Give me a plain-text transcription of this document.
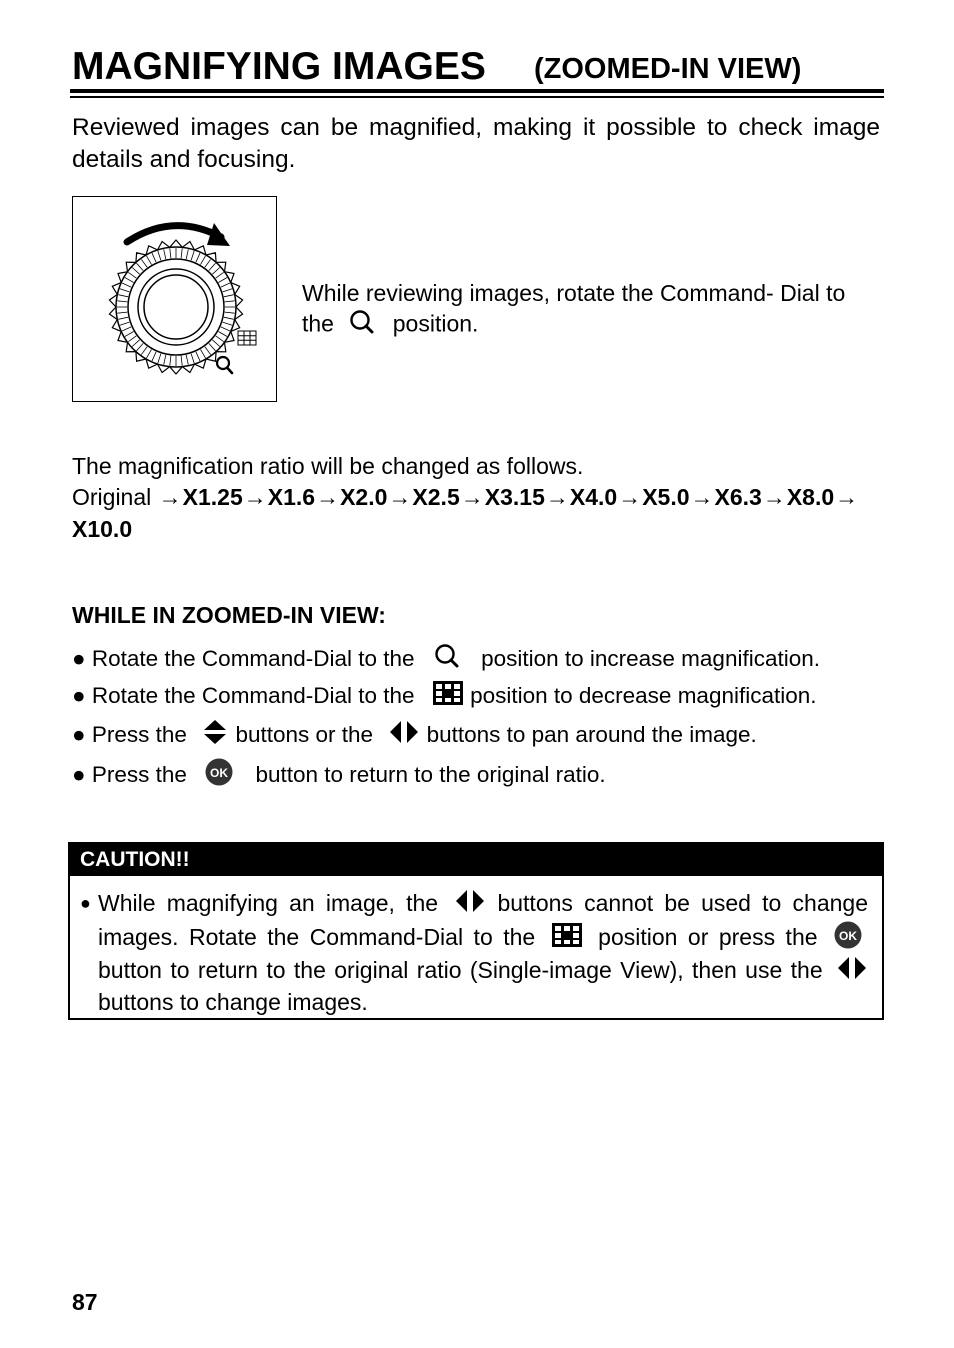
MAGNIFYING IMAGES (ZOOMED-IN VIEW)
Reviewed images can be magnified, making it possible to check image details and focusing.
While reviewing images, rotate the Command- Dial to the	position.
The magnification ratio will be changed as follows.
Original →X1.25→X1.6→X2.0→X2.5→X3.15→X4.0→X5.0→X6.3→X8.0→X10.0
WHILE IN ZOOMED-IN VIEW:
● Rotate the Command-Dial to the	position to increase magnification.
● Rotate the Command-Dial to the position to decrease magnification.
● Press the buttons or the buttons to pan around the image.
● Press the OK button to return to the original ratio.
CAUTION!!
● While magnifying an image, the	buttons cannot be used to change images. Rotate the Command-Dial to the	position or press the OK
button to return to the original ratio (Single-image View), then use the  buttons to change images.
87
